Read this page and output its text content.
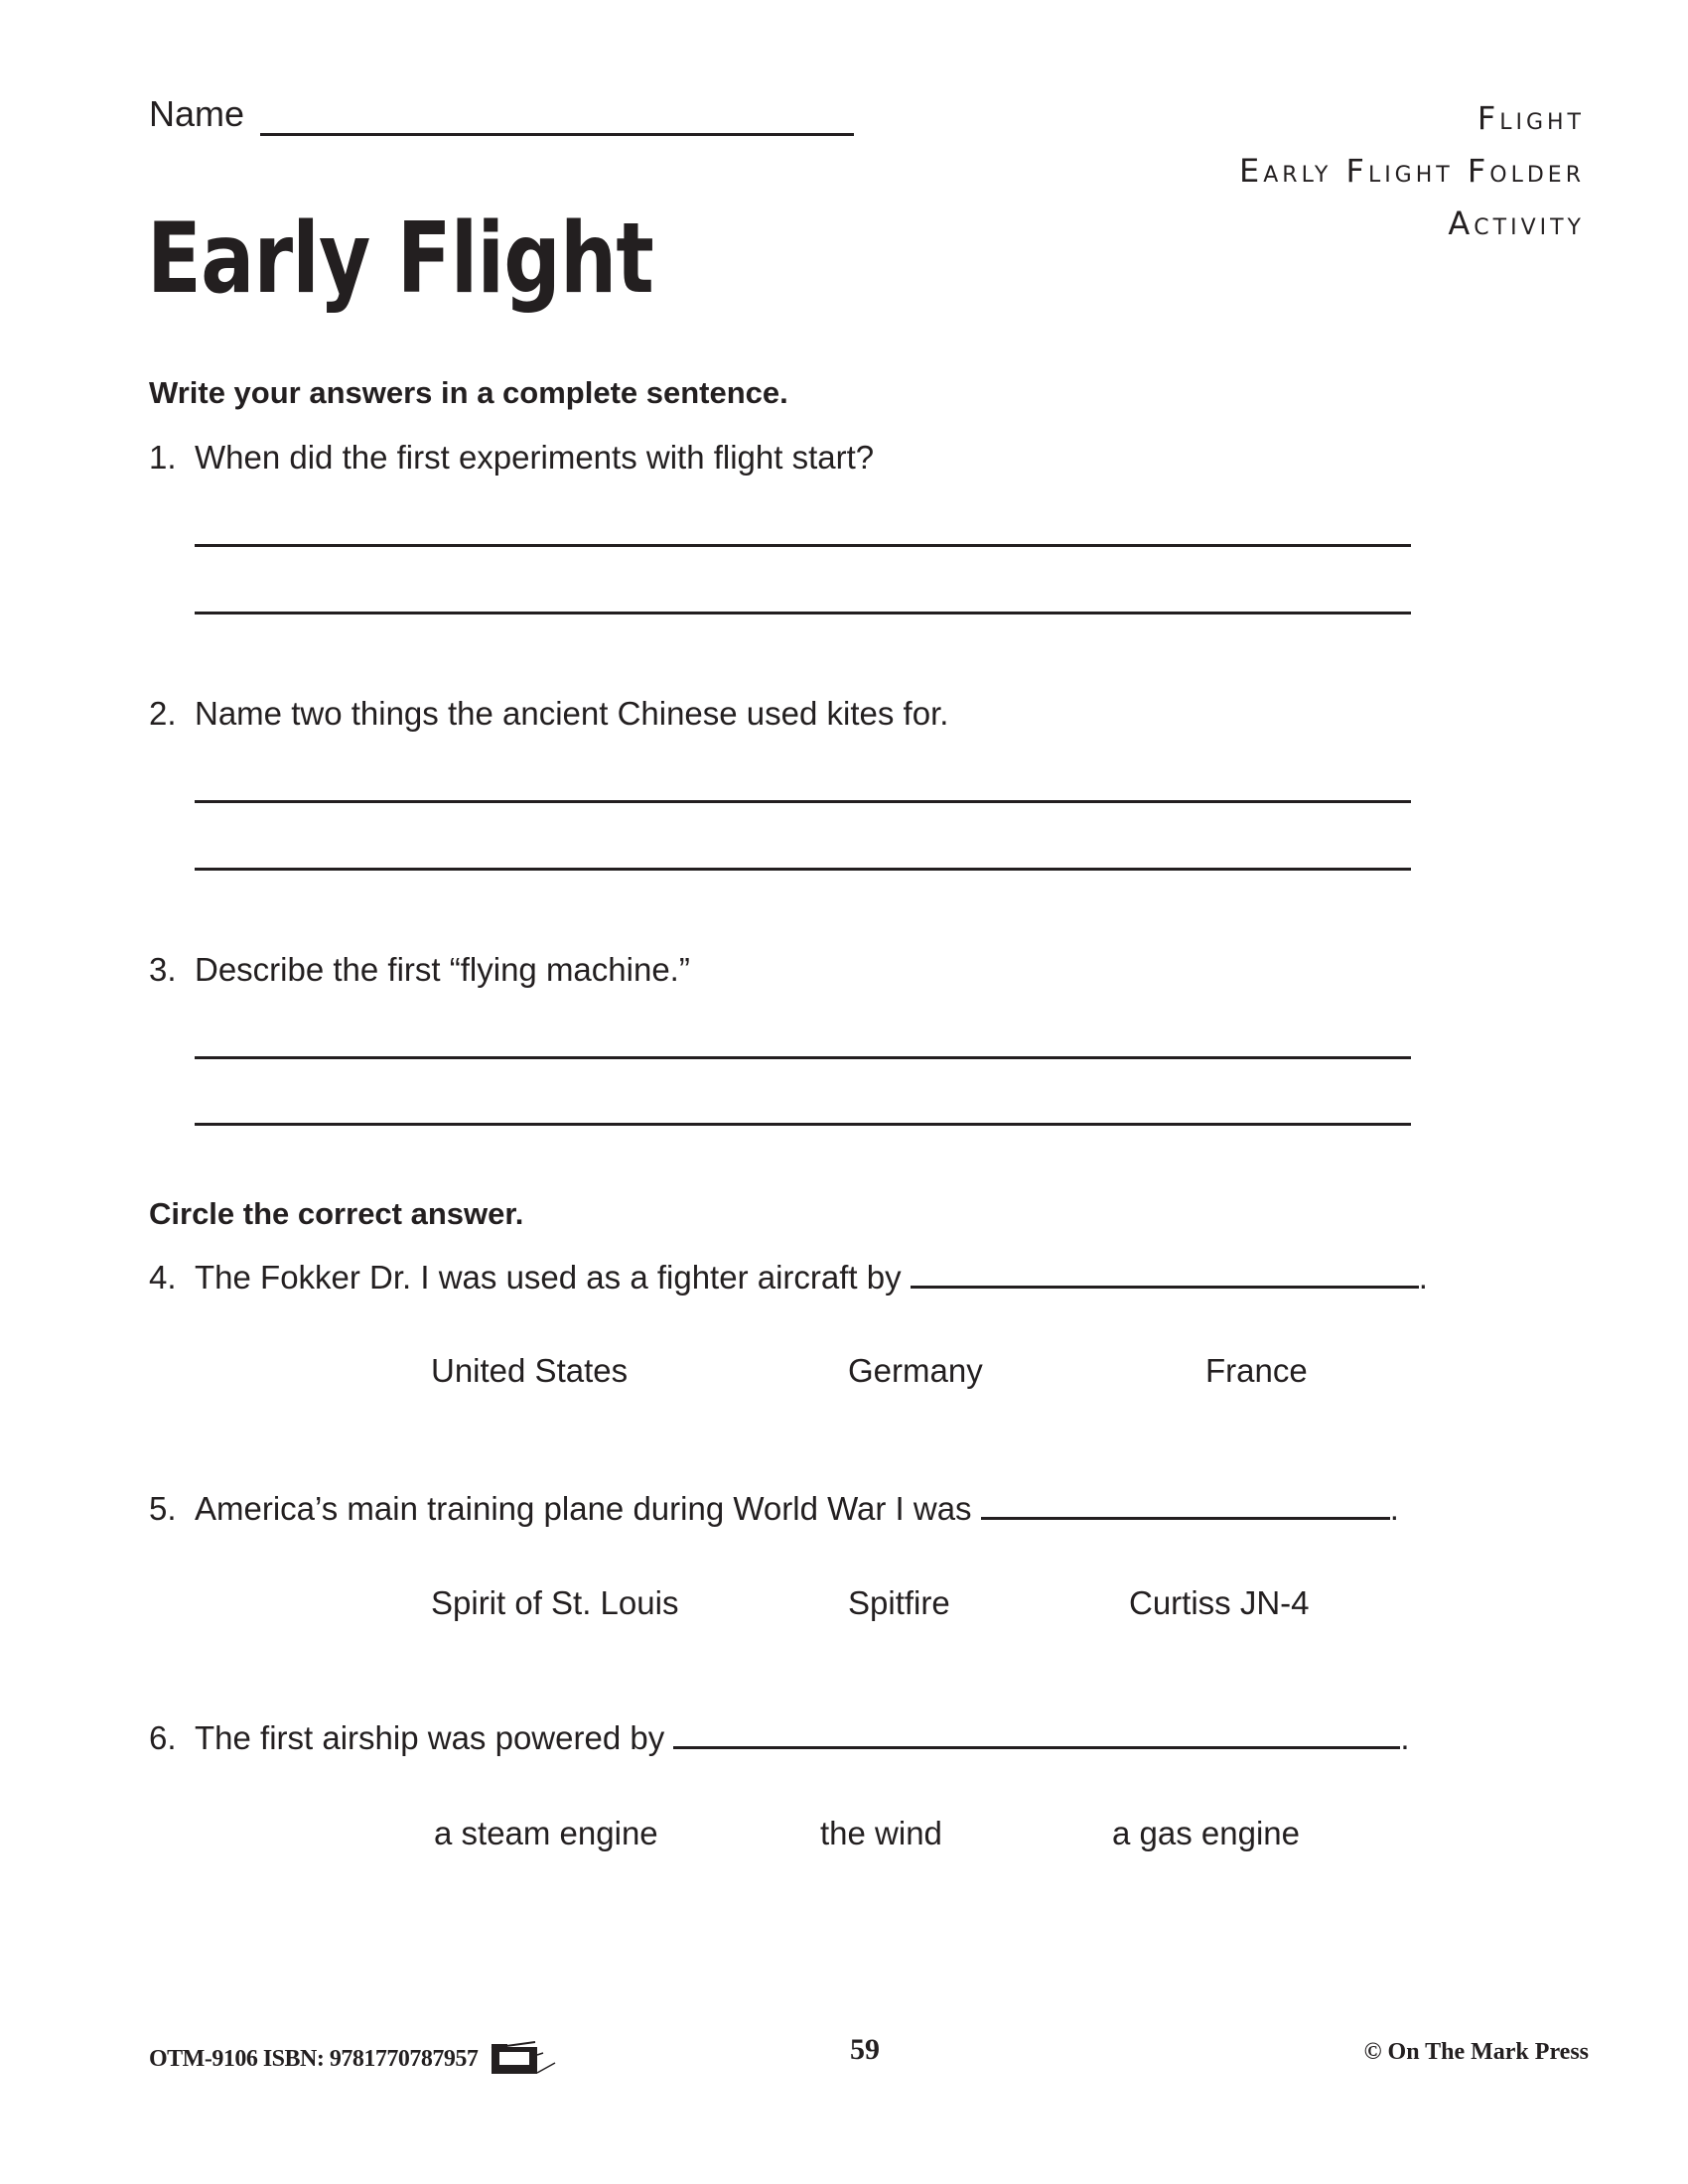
Name
Early Flight
Flight
Early Flight Folder
Activity
Write your answers in a complete sentence.
1. When did the first experiments with flight start?
2. Name two things the ancient Chinese used kites for.
3. Describe the first “flying machine.”
Circle the correct answer.
4. The Fokker Dr. I was used as a fighter aircraft by	.
United States	Germany	France
5. America’s main training plane during World War I was	.
Spirit of St. Louis	Spitfire	Curtiss JN-4
6. The first airship was powered by	.
a steam engine	the wind	a gas engine
OTM-9106 ISBN: 9781770787957	59	© On The Mark Press
